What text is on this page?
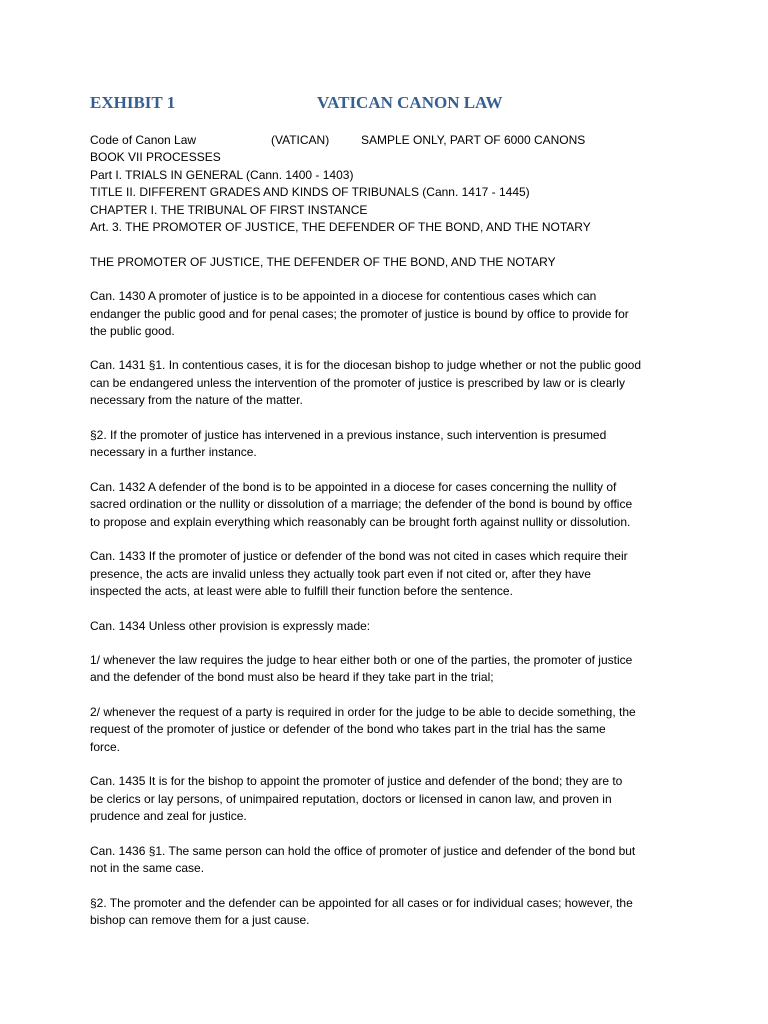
EXHIBIT 1	VATICAN CANON LAW
Code of Canon Law	(VATICAN)	SAMPLE ONLY, PART OF 6000 CANONS
BOOK VII PROCESSES
Part I. TRIALS IN GENERAL (Cann. 1400 - 1403)
TITLE II. DIFFERENT GRADES AND KINDS OF TRIBUNALS (Cann. 1417 - 1445)
CHAPTER I. THE TRIBUNAL OF FIRST INSTANCE
Art. 3. THE PROMOTER OF JUSTICE, THE DEFENDER OF THE BOND, AND THE NOTARY
THE PROMOTER OF JUSTICE, THE DEFENDER OF THE BOND, AND THE NOTARY
Can. 1430 A promoter of justice is to be appointed in a diocese for contentious cases which can
endanger the public good and for penal cases; the promoter of justice is bound by office to provide for
the public good.
Can. 1431 §1. In contentious cases, it is for the diocesan bishop to judge whether or not the public good
can be endangered unless the intervention of the promoter of justice is prescribed by law or is clearly
necessary from the nature of the matter.
§2. If the promoter of justice has intervened in a previous instance, such intervention is presumed
necessary in a further instance.
Can. 1432 A defender of the bond is to be appointed in a diocese for cases concerning the nullity of
sacred ordination or the nullity or dissolution of a marriage; the defender of the bond is bound by office
to propose and explain everything which reasonably can be brought forth against nullity or dissolution.
Can. 1433 If the promoter of justice or defender of the bond was not cited in cases which require their
presence, the acts are invalid unless they actually took part even if not cited or, after they have
inspected the acts, at least were able to fulfill their function before the sentence.
Can. 1434 Unless other provision is expressly made:
1/ whenever the law requires the judge to hear either both or one of the parties, the promoter of justice
and the defender of the bond must also be heard if they take part in the trial;
2/ whenever the request of a party is required in order for the judge to be able to decide something, the
request of the promoter of justice or defender of the bond who takes part in the trial has the same
force.
Can. 1435 It is for the bishop to appoint the promoter of justice and defender of the bond; they are to
be clerics or lay persons, of unimpaired reputation, doctors or licensed in canon law, and proven in
prudence and zeal for justice.
Can. 1436 §1. The same person can hold the office of promoter of justice and defender of the bond but
not in the same case.
§2. The promoter and the defender can be appointed for all cases or for individual cases; however, the
bishop can remove them for a just cause.
